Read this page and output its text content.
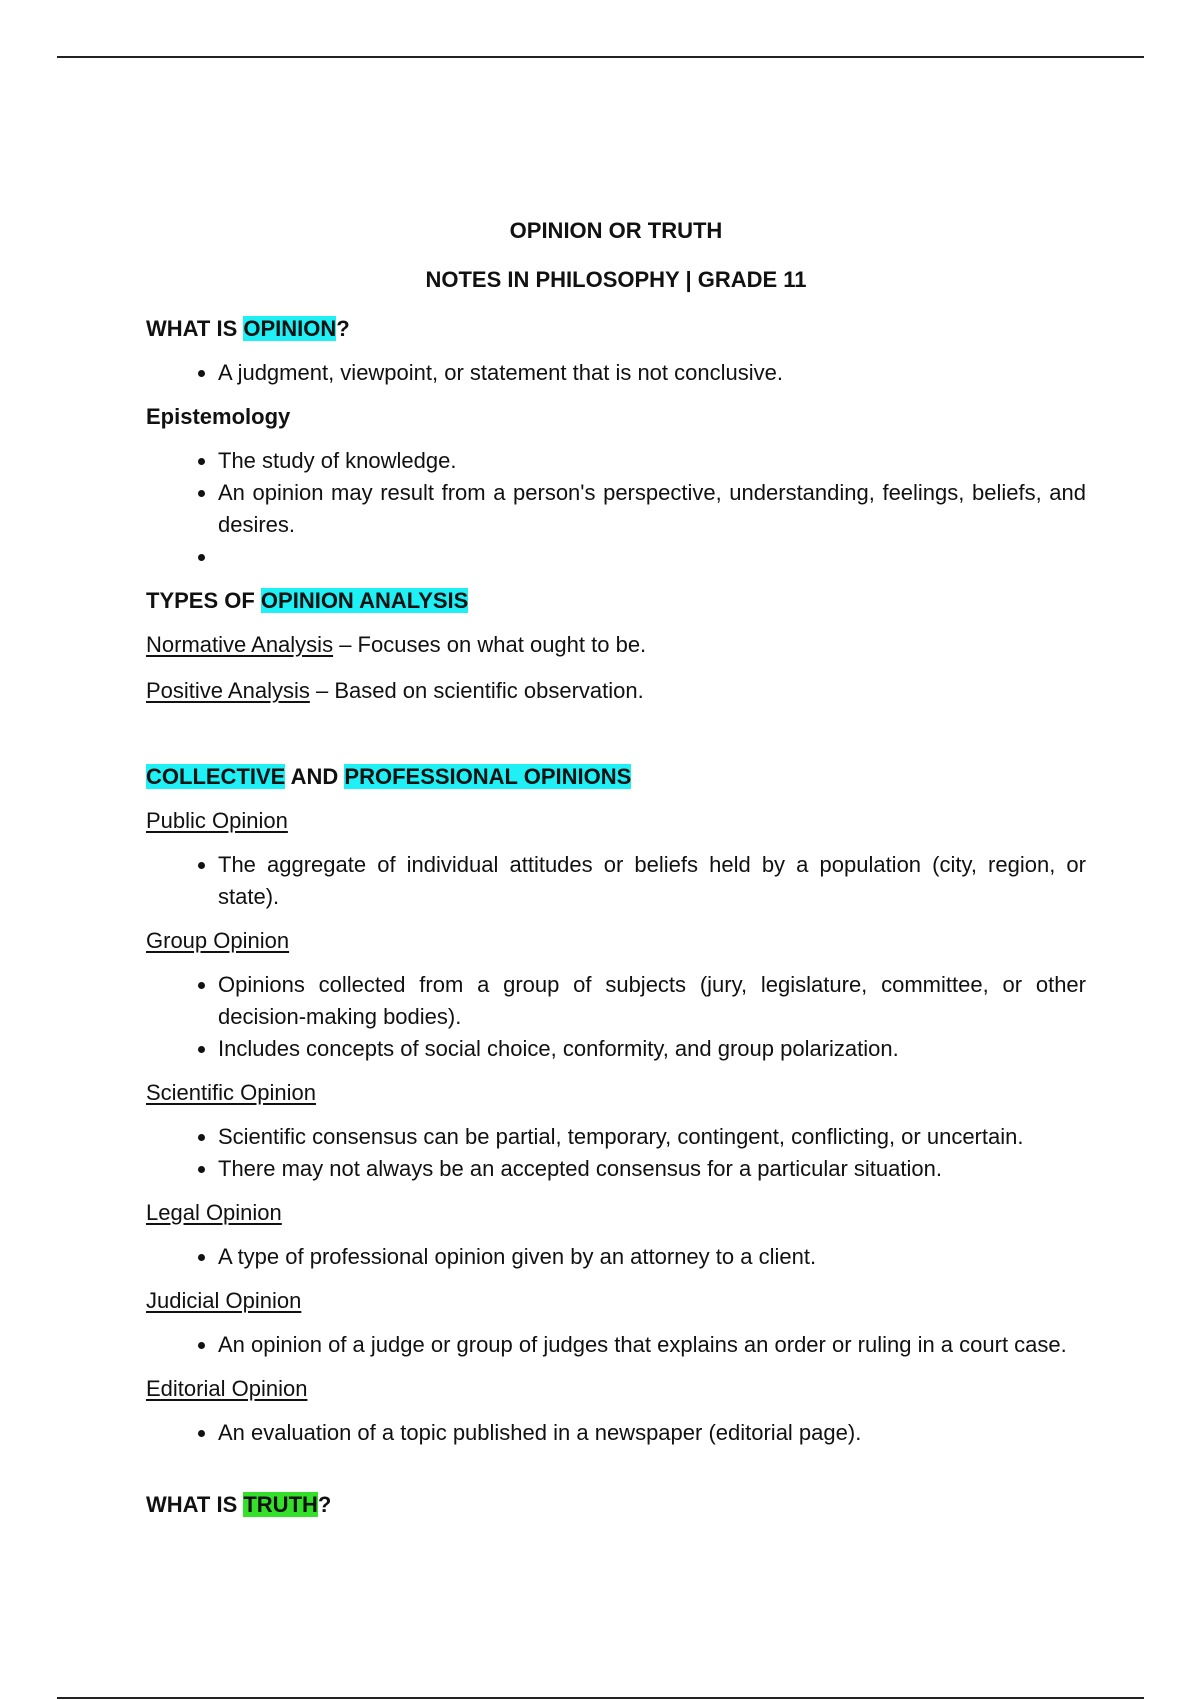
OPINION OR TRUTH

NOTES IN PHILOSOPHY | GRADE 11

WHAT IS OPINION?

• A judgment, viewpoint, or statement that is not conclusive.

Epistemology

• The study of knowledge.
• An opinion may result from a person's perspective, understanding, feelings, beliefs, and desires.
•

TYPES OF OPINION ANALYSIS

Normative Analysis – Focuses on what ought to be.

Positive Analysis – Based on scientific observation.

COLLECTIVE AND PROFESSIONAL OPINIONS

Public Opinion

• The aggregate of individual attitudes or beliefs held by a population (city, region, or state).

Group Opinion

• Opinions collected from a group of subjects (jury, legislature, committee, or other decision-making bodies).
• Includes concepts of social choice, conformity, and group polarization.

Scientific Opinion

• Scientific consensus can be partial, temporary, contingent, conflicting, or uncertain.
• There may not always be an accepted consensus for a particular situation.

Legal Opinion

• A type of professional opinion given by an attorney to a client.

Judicial Opinion

• An opinion of a judge or group of judges that explains an order or ruling in a court case.

Editorial Opinion

• An evaluation of a topic published in a newspaper (editorial page).

WHAT IS TRUTH?
